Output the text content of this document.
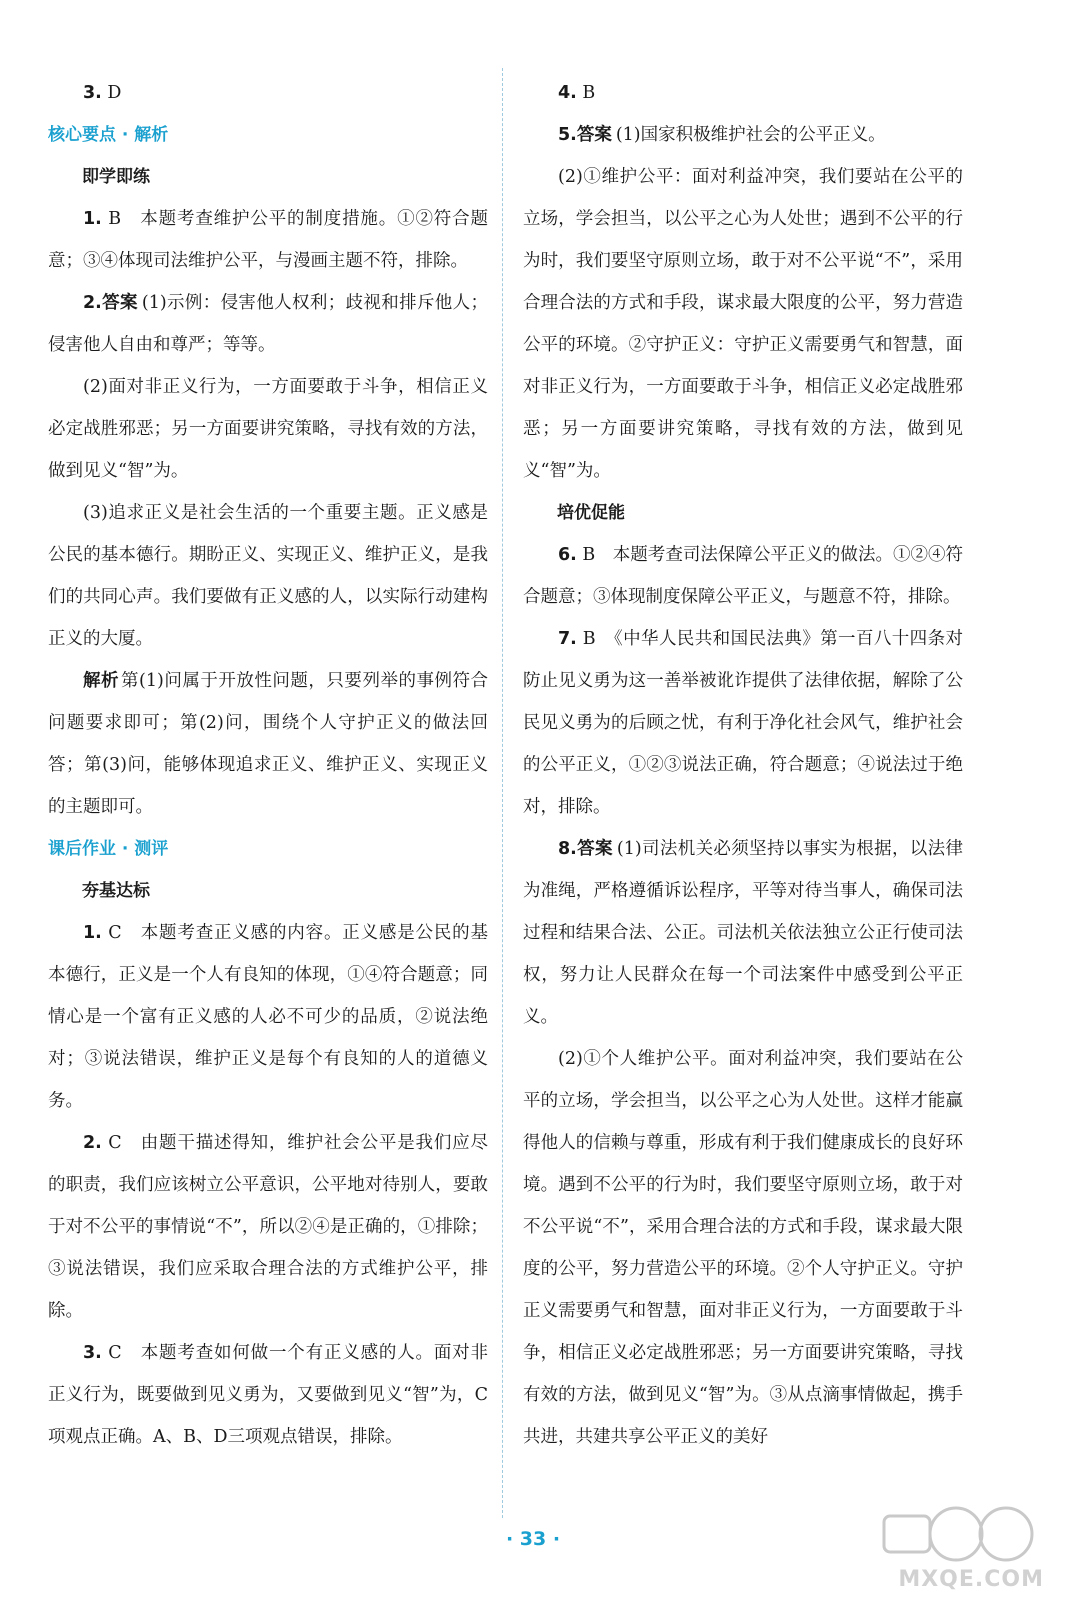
3. D

核心要点 · 解析
即学即练

1. B　本题考查维护公平的制度措施。①②符合题意；③④体现司法维护公平，与漫画主题不符，排除。

2.答案 (1)示例：侵害他人权利；歧视和排斥他人；侵害他人自由和尊严；等等。

(2)面对非正义行为，一方面要敢于斗争，相信正义必定战胜邪恶；另一方面要讲究策略，寻找有效的方法，做到见义“智”为。

(3)追求正义是社会生活的一个重要主题。正义感是公民的基本德行。期盼正义、实现正义、维护正义，是我们的共同心声。我们要做有正义感的人，以实际行动建构正义的大厦。

解析 第(1)问属于开放性问题，只要列举的事例符合问题要求即可；第(2)问，围绕个人守护正义的做法回答；第(3)问，能够体现追求正义、维护正义、实现正义的主题即可。

课后作业 · 测评
夯基达标

1. C　本题考查正义感的内容。正义感是公民的基本德行，正义是一个人有良知的体现，①④符合题意；同情心是一个富有正义感的人必不可少的品质，②说法绝对；③说法错误，维护正义是每个有良知的人的道德义务。

2. C　由题干描述得知，维护社会公平是我们应尽的职责，我们应该树立公平意识，公平地对待别人，要敢于对不公平的事情说“不”，所以②④是正确的，①排除；③说法错误，我们应采取合理合法的方式维护公平，排除。

3. C　本题考查如何做一个有正义感的人。面对非正义行为，既要做到见义勇为，又要做到见义“智”为，C项观点正确。A、B、D三项观点错误，排除。

4. B

5.答案 (1)国家积极维护社会的公平正义。

(2)①维护公平：面对利益冲突，我们要站在公平的立场，学会担当，以公平之心为人处世；遇到不公平的行为时，我们要坚守原则立场，敢于对不公平说“不”，采用合理合法的方式和手段，谋求最大限度的公平，努力营造公平的环境。②守护正义：守护正义需要勇气和智慧，面对非正义行为，一方面要敢于斗争，相信正义必定战胜邪恶；另一方面要讲究策略，寻找有效的方法，做到见义“智”为。

培优促能

6. B　本题考查司法保障公平正义的做法。①②④符合题意；③体现制度保障公平正义，与题意不符，排除。

7. B　《中华人民共和国民法典》第一百八十四条对防止见义勇为这一善举被讹诈提供了法律依据，解除了公民见义勇为的后顾之忧，有利于净化社会风气，维护社会的公平正义，①②③说法正确，符合题意；④说法过于绝对，排除。

8.答案 (1)司法机关必须坚持以事实为根据，以法律为准绳，严格遵循诉讼程序，平等对待当事人，确保司法过程和结果合法、公正。司法机关依法独立公正行使司法权，努力让人民群众在每一个司法案件中感受到公平正义。

(2)①个人维护公平。面对利益冲突，我们要站在公平的立场，学会担当，以公平之心为人处世。这样才能赢得他人的信赖与尊重，形成有利于我们健康成长的良好环境。遇到不公平的行为时，我们要坚守原则立场，敢于对不公平说“不”，采用合理合法的方式和手段，谋求最大限度的公平，努力营造公平的环境。②个人守护正义。守护正义需要勇气和智慧，面对非正义行为，一方面要敢于斗争，相信正义必定战胜邪恶；另一方面要讲究策略，寻找有效的方法，做到见义“智”为。③从点滴事情做起，携手共进，共建共享公平正义的美好

· 33 ·
MXQE.COM
